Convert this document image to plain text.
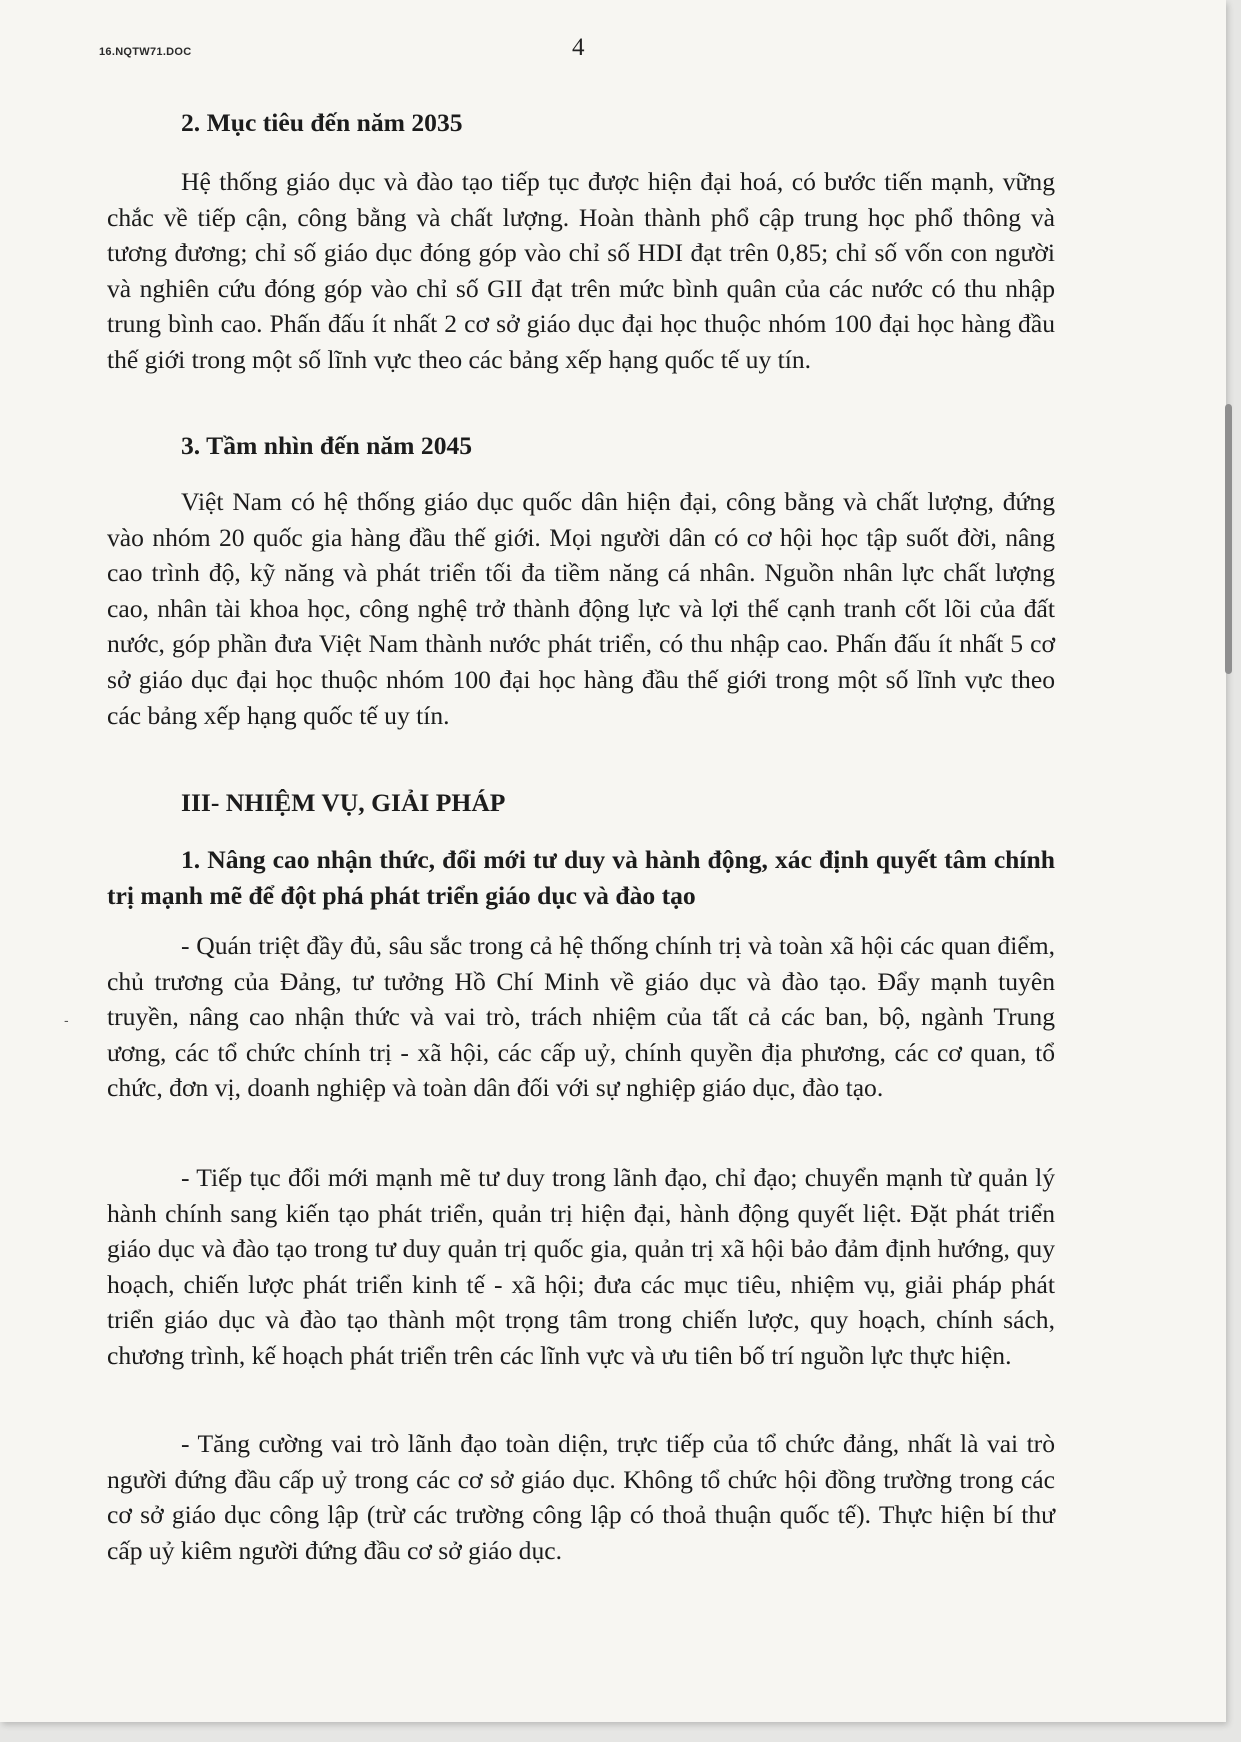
16.NQTW71.DOC	4
-

2. Mục tiêu đến năm 2035

Hệ thống giáo dục và đào tạo tiếp tục được hiện đại hoá, có bước tiến mạnh, vững chắc về tiếp cận, công bằng và chất lượng. Hoàn thành phổ cập trung học phổ thông và tương đương; chỉ số giáo dục đóng góp vào chỉ số HDI đạt trên 0,85; chỉ số vốn con người và nghiên cứu đóng góp vào chỉ số GII đạt trên mức bình quân của các nước có thu nhập trung bình cao. Phấn đấu ít nhất 2 cơ sở giáo dục đại học thuộc nhóm 100 đại học hàng đầu thế giới trong một số lĩnh vực theo các bảng xếp hạng quốc tế uy tín.

3. Tầm nhìn đến năm 2045

Việt Nam có hệ thống giáo dục quốc dân hiện đại, công bằng và chất lượng, đứng vào nhóm 20 quốc gia hàng đầu thế giới. Mọi người dân có cơ hội học tập suốt đời, nâng cao trình độ, kỹ năng và phát triển tối đa tiềm năng cá nhân. Nguồn nhân lực chất lượng cao, nhân tài khoa học, công nghệ trở thành động lực và lợi thế cạnh tranh cốt lõi của đất nước, góp phần đưa Việt Nam thành nước phát triển, có thu nhập cao. Phấn đấu ít nhất 5 cơ sở giáo dục đại học thuộc nhóm 100 đại học hàng đầu thế giới trong một số lĩnh vực theo các bảng xếp hạng quốc tế uy tín.

III- NHIỆM VỤ, GIẢI PHÁP

1. Nâng cao nhận thức, đổi mới tư duy và hành động, xác định quyết tâm chính trị mạnh mẽ để đột phá phát triển giáo dục và đào tạo

- Quán triệt đầy đủ, sâu sắc trong cả hệ thống chính trị và toàn xã hội các quan điểm, chủ trương của Đảng, tư tưởng Hồ Chí Minh về giáo dục và đào tạo. Đẩy mạnh tuyên truyền, nâng cao nhận thức và vai trò, trách nhiệm của tất cả các ban, bộ, ngành Trung ương, các tổ chức chính trị - xã hội, các cấp uỷ, chính quyền địa phương, các cơ quan, tổ chức, đơn vị, doanh nghiệp và toàn dân đối với sự nghiệp giáo dục, đào tạo.

- Tiếp tục đổi mới mạnh mẽ tư duy trong lãnh đạo, chỉ đạo; chuyển mạnh từ quản lý hành chính sang kiến tạo phát triển, quản trị hiện đại, hành động quyết liệt. Đặt phát triển giáo dục và đào tạo trong tư duy quản trị quốc gia, quản trị xã hội bảo đảm định hướng, quy hoạch, chiến lược phát triển kinh tế - xã hội; đưa các mục tiêu, nhiệm vụ, giải pháp phát triển giáo dục và đào tạo thành một trọng tâm trong chiến lược, quy hoạch, chính sách, chương trình, kế hoạch phát triển trên các lĩnh vực và ưu tiên bố trí nguồn lực thực hiện.

- Tăng cường vai trò lãnh đạo toàn diện, trực tiếp của tổ chức đảng, nhất là vai trò người đứng đầu cấp uỷ trong các cơ sở giáo dục. Không tổ chức hội đồng trường trong các cơ sở giáo dục công lập (trừ các trường công lập có thoả thuận quốc tế). Thực hiện bí thư cấp uỷ kiêm người đứng đầu cơ sở giáo dục.
